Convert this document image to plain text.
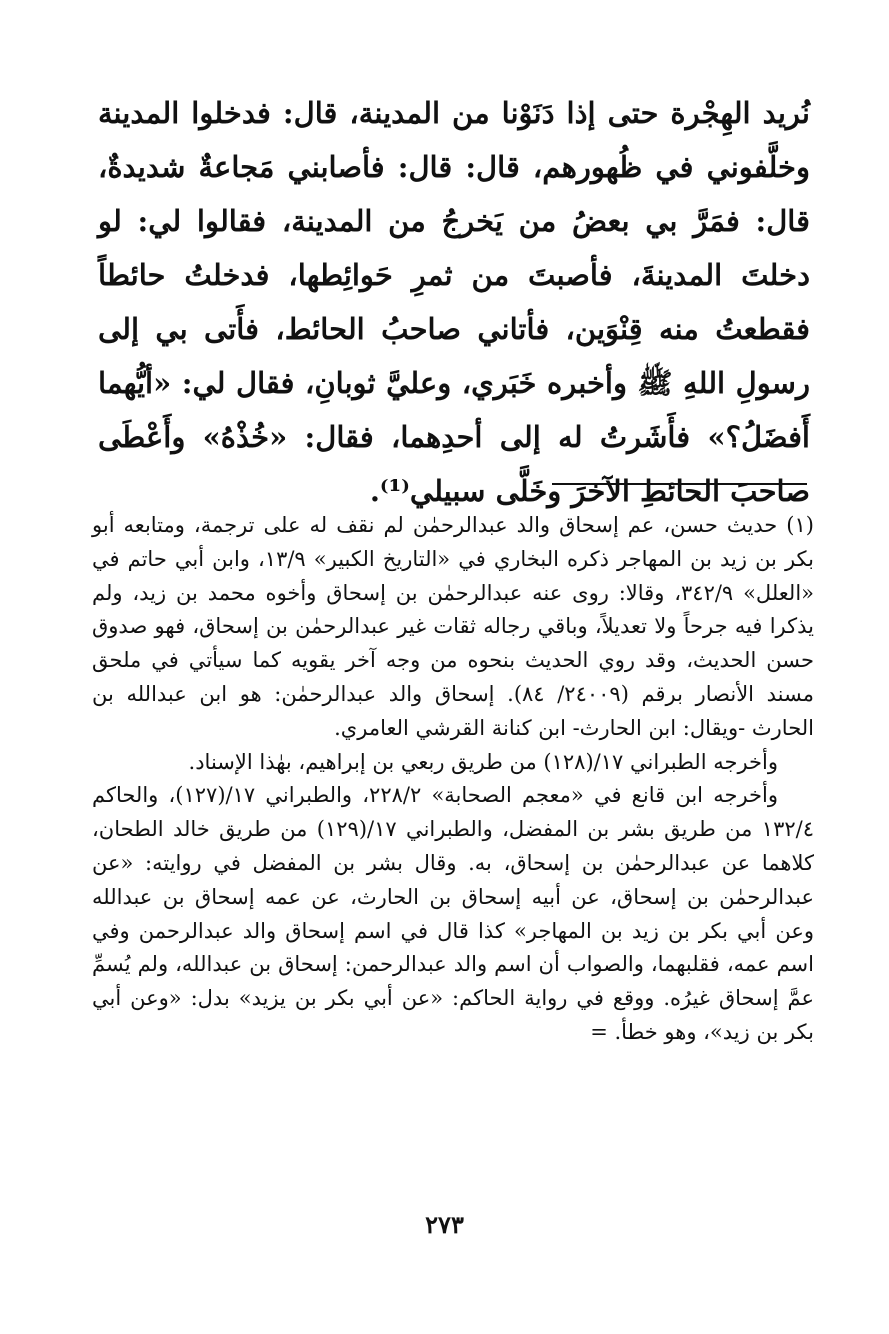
نُريد الهِجْرة حتى إذا دَنَوْنا من المدينة، قال: فدخلوا المدينة وخلَّفوني في ظُهورهم، قال: قال: فأصابني مَجاعةٌ شديدةٌ، قال: فمَرَّ بي بعضُ من يَخرجُ من المدينة، فقالوا لي: لو دخلتَ المدينةَ، فأصبتَ من ثمرِ حَوائِطها، فدخلتُ حائطاً فقطعتُ منه قِنْوَين، فأتاني صاحبُ الحائط، فأَتى بي إلى رسولِ اللهِ ﷺ وأخبره خَبَري، وعليَّ ثوبانِ، فقال لي: «أيُّهما أَفضَلُ؟» فأَشَرتُ له إلى أحدِهما، فقال: «خُذْهُ» وأَعْطَى صاحبَ الحائطِ الآخرَ وخَلَّى سبيلي⁽¹⁾.

(١) حديث حسن، عم إسحاق والد عبدالرحمٰن لم نقف له على ترجمة، ومتابعه أبو بكر بن زيد بن المهاجر ذكره البخاري في «التاريخ الكبير» ١٣/٩، وابن أبي حاتم في «العلل» ٣٤٢/٩، وقالا: روى عنه عبدالرحمٰن بن إسحاق وأخوه محمد بن زيد، ولم يذكرا فيه جرحاً ولا تعديلاً، وباقي رجاله ثقات غير عبدالرحمٰن بن إسحاق، فهو صدوق حسن الحديث، وقد روي الحديث بنحوه من وجه آخر يقويه كما سيأتي في ملحق مسند الأنصار برقم (٢٤٠٠٩/ ٨٤). إسحاق والد عبدالرحمٰن: هو ابن عبدالله بن الحارث -ويقال: ابن الحارث- ابن كنانة القرشي العامري.

وأخرجه الطبراني ١٧/(١٢٨) من طريق ربعي بن إبراهيم، بهٰذا الإسناد.

وأخرجه ابن قانع في «معجم الصحابة» ٢٢٨/٢، والطبراني ١٧/(١٢٧)، والحاكم ١٣٢/٤ من طريق بشر بن المفضل، والطبراني ١٧/(١٢٩) من طريق خالد الطحان، كلاهما عن عبدالرحمٰن بن إسحاق، به. وقال بشر بن المفضل في روايته: «عن عبدالرحمٰن بن إسحاق، عن أبيه إسحاق بن الحارث، عن عمه إسحاق بن عبدالله وعن أبي بكر بن زيد بن المهاجر» كذا قال في اسم إسحاق والد عبدالرحمن وفي اسم عمه، فقلبهما، والصواب أن اسم والد عبدالرحمن: إسحاق بن عبدالله، ولم يُسمِّ عمَّ إسحاق غيرُه. ووقع في رواية الحاكم: «عن أبي بكر بن يزيد» بدل: «وعن أبي بكر بن زيد»، وهو خطأ. =

٢٧٣
